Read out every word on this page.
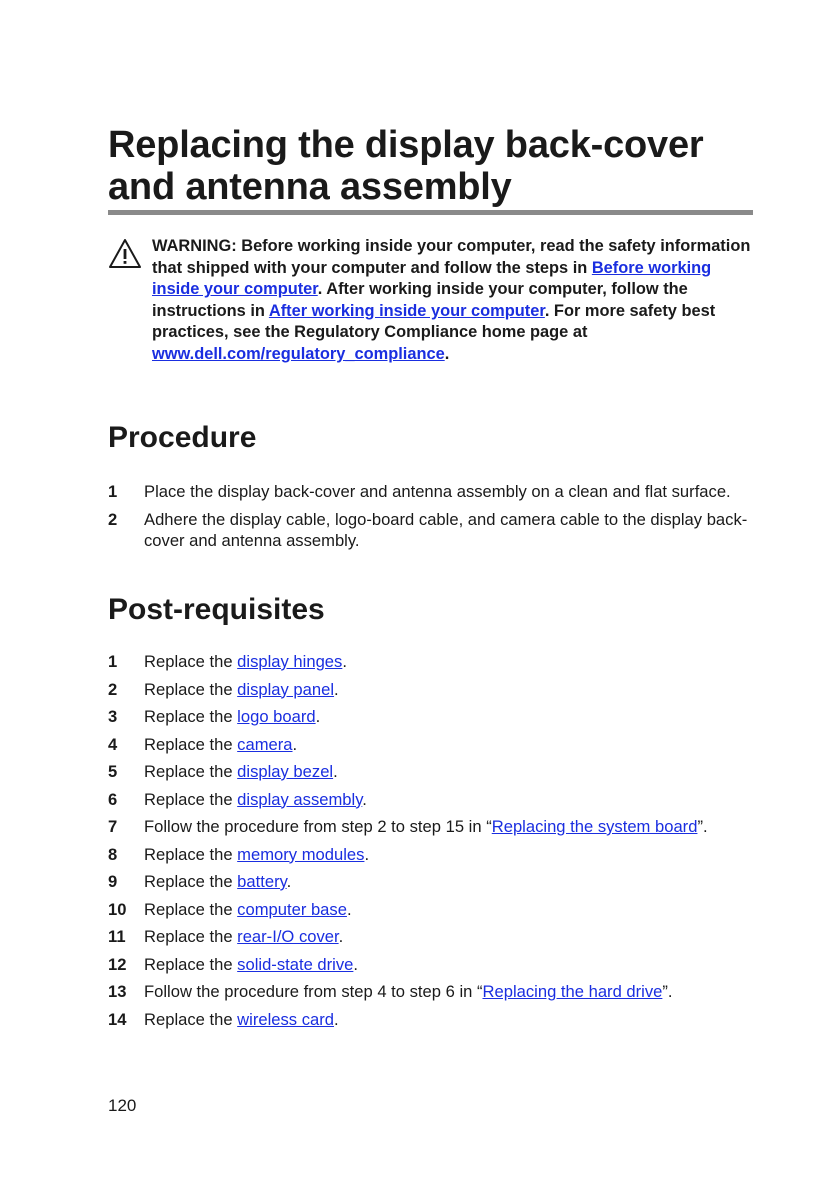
Replacing the display back-cover and antenna assembly
WARNING: Before working inside your computer, read the safety information that shipped with your computer and follow the steps in Before working inside your computer. After working inside your computer, follow the instructions in After working inside your computer. For more safety best practices, see the Regulatory Compliance home page at www.dell.com/regulatory_compliance.
Procedure
1 Place the display back-cover and antenna assembly on a clean and flat surface.
2 Adhere the display cable, logo-board cable, and camera cable to the display back-cover and antenna assembly.
Post-requisites
1 Replace the display hinges.
2 Replace the display panel.
3 Replace the logo board.
4 Replace the camera.
5 Replace the display bezel.
6 Replace the display assembly.
7 Follow the procedure from step 2 to step 15 in “Replacing the system board”.
8 Replace the memory modules.
9 Replace the battery.
10 Replace the computer base.
11 Replace the rear-I/O cover.
12 Replace the solid-state drive.
13 Follow the procedure from step 4 to step 6 in “Replacing the hard drive”.
14 Replace the wireless card.
120
